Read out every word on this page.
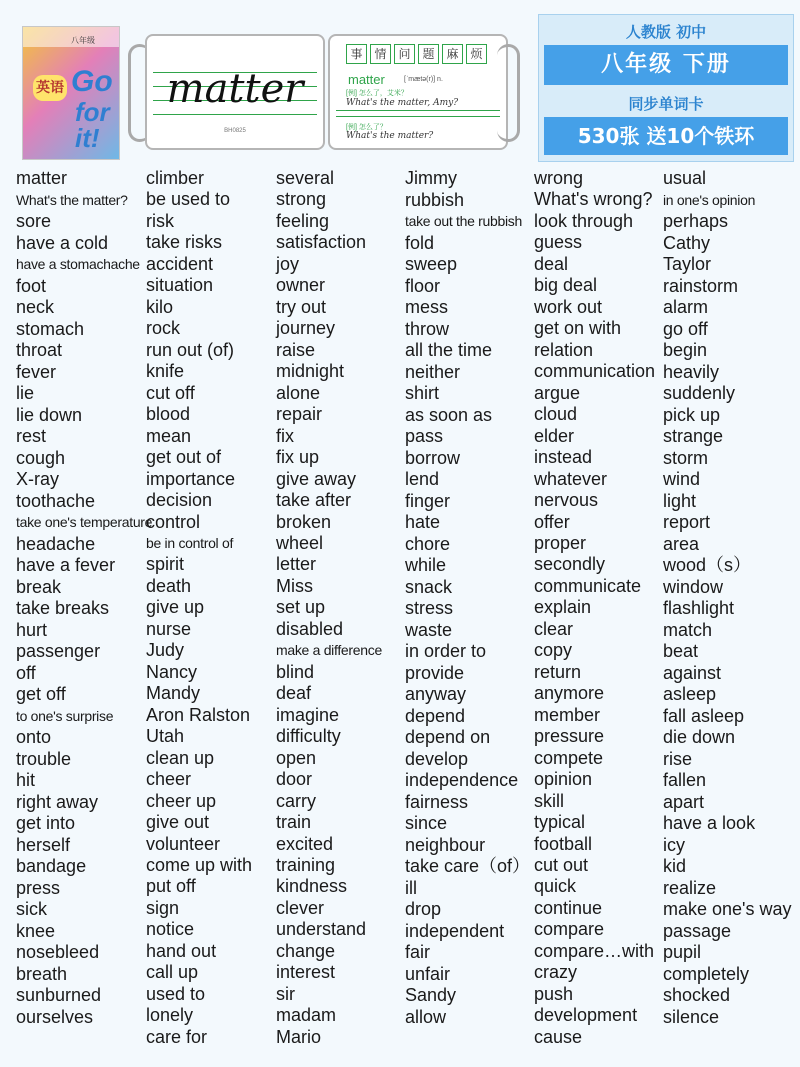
八年级
英语 Go
for it!
matter
BH0825
事 情 问 题 麻 烦
matter	[ˈmætə(r)] n.
[例] 怎么了，艾米？
What's the matter, Amy?
[例] 怎么了？
What's the matter?
人教版 初中
八年级 下册
同步单词卡
530张 送10个铁环
matter
What's the matter?
sore
have a cold
have a stomachache
foot
neck
stomach
throat
fever
lie
lie down
rest
cough
X-ray
toothache
take one's temperature
headache
have a fever
break
take breaks
hurt
passenger
off
get off
to one's surprise
onto
trouble
hit
right away
get into
herself
bandage
press
sick
knee
nosebleed
breath
sunburned
ourselves
climber
be used to
risk
take risks
accident
situation
kilo
rock
run out (of)
knife
cut off
blood
mean
get out of
importance
decision
control
be in control of
spirit
death
give up
nurse
Judy
Nancy
Mandy
Aron Ralston
Utah
clean up
cheer
cheer up
give out
volunteer
come up with
put off
sign
notice
hand out
call up
used to
lonely
care for
several
strong
feeling
satisfaction
joy
owner
try out
journey
raise
midnight
alone
repair
fix
fix up
give away
take after
broken
wheel
letter
Miss
set up
disabled
make a difference
blind
deaf
imagine
difficulty
open
door
carry
train
excited
training
kindness
clever
understand
change
interest
sir
madam
Mario
Jimmy
rubbish
take out the rubbish
fold
sweep
floor
mess
throw
all the time
neither
shirt
as soon as
pass
borrow
lend
finger
hate
chore
while
snack
stress
waste
in order to
provide
anyway
depend
depend on
develop
independence
fairness
since
neighbour
take care（of）
ill
drop
independent
fair
unfair
Sandy
allow
wrong
What's wrong?
look through
guess
deal
big deal
work out
get on with
relation
communication
argue
cloud
elder
instead
whatever
nervous
offer
proper
secondly
communicate
explain
clear
copy
return
anymore
member
pressure
compete
opinion
skill
typical
football
cut out
quick
continue
compare
compare…with
crazy
push
development
cause
usual
in one's opinion
perhaps
Cathy
Taylor
rainstorm
alarm
go off
begin
heavily
suddenly
pick up
strange
storm
wind
light
report
area
wood（s）
window
flashlight
match
beat
against
asleep
fall asleep
die down
rise
fallen
apart
have a look
icy
kid
realize
make one's way
passage
pupil
completely
shocked
silence
